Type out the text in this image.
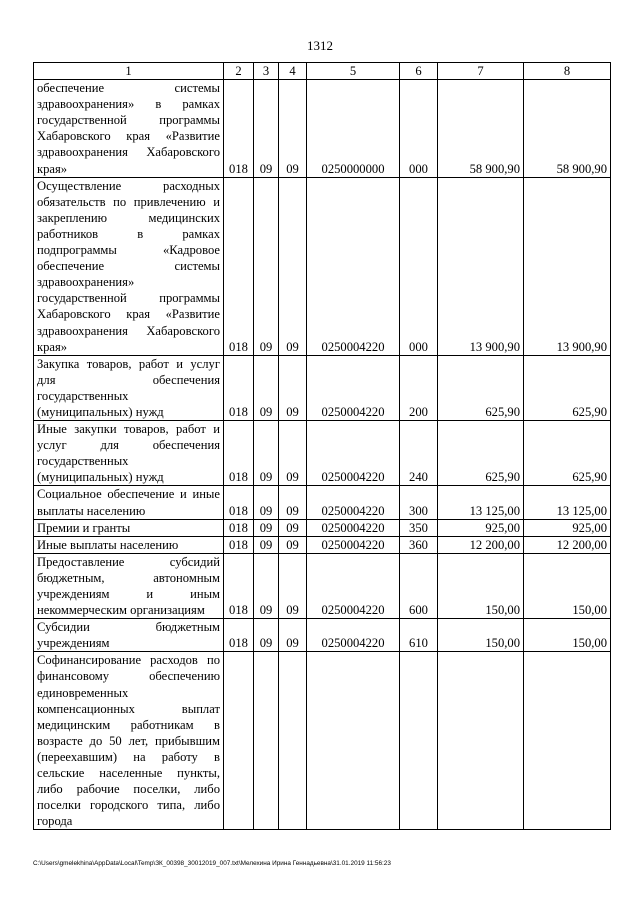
1312
1	2	3	4	5	6	7	8
обеспечение системы здравоохранения» в рамках государственной программы Хабаровского края «Развитие здравоохранения Хабаровского края»	018	09	09	0250000000	000	58 900,90	58 900,90
Осуществление расходных обязательств по привлечению и закреплению медицинских работников в рамках подпрограммы «Кадровое обеспечение системы здравоохранения» государственной программы Хабаровского края «Развитие здравоохранения Хабаровского края»	018	09	09	0250004220	000	13 900,90	13 900,90
Закупка товаров, работ и услуг для обеспечения государственных (муниципальных) нужд	018	09	09	0250004220	200	625,90	625,90
Иные закупки товаров, работ и услуг для обеспечения государственных (муниципальных) нужд	018	09	09	0250004220	240	625,90	625,90
Социальное обеспечение и иные выплаты населению	018	09	09	0250004220	300	13 125,00	13 125,00
Премии и гранты	018	09	09	0250004220	350	925,00	925,00
Иные выплаты населению	018	09	09	0250004220	360	12 200,00	12 200,00
Предоставление субсидий бюджетным, автономным учреждениям и иным некоммерческим организациям	018	09	09	0250004220	600	150,00	150,00
Субсидии бюджетным учреждениям	018	09	09	0250004220	610	150,00	150,00
Софинансирование расходов по финансовому обеспечению единовременных компенсационных выплат медицинским работникам в возрасте до 50 лет, прибывшим (переехавшим) на работу в сельские населенные пункты, либо рабочие поселки, либо поселки городского типа, либо города							
C:\Users\gmelekhina\AppData\Local\Temp\ЗК_00398_30012019_007.txt\Мелехина Ирина Геннадьевна\31.01.2019 11:56:23
